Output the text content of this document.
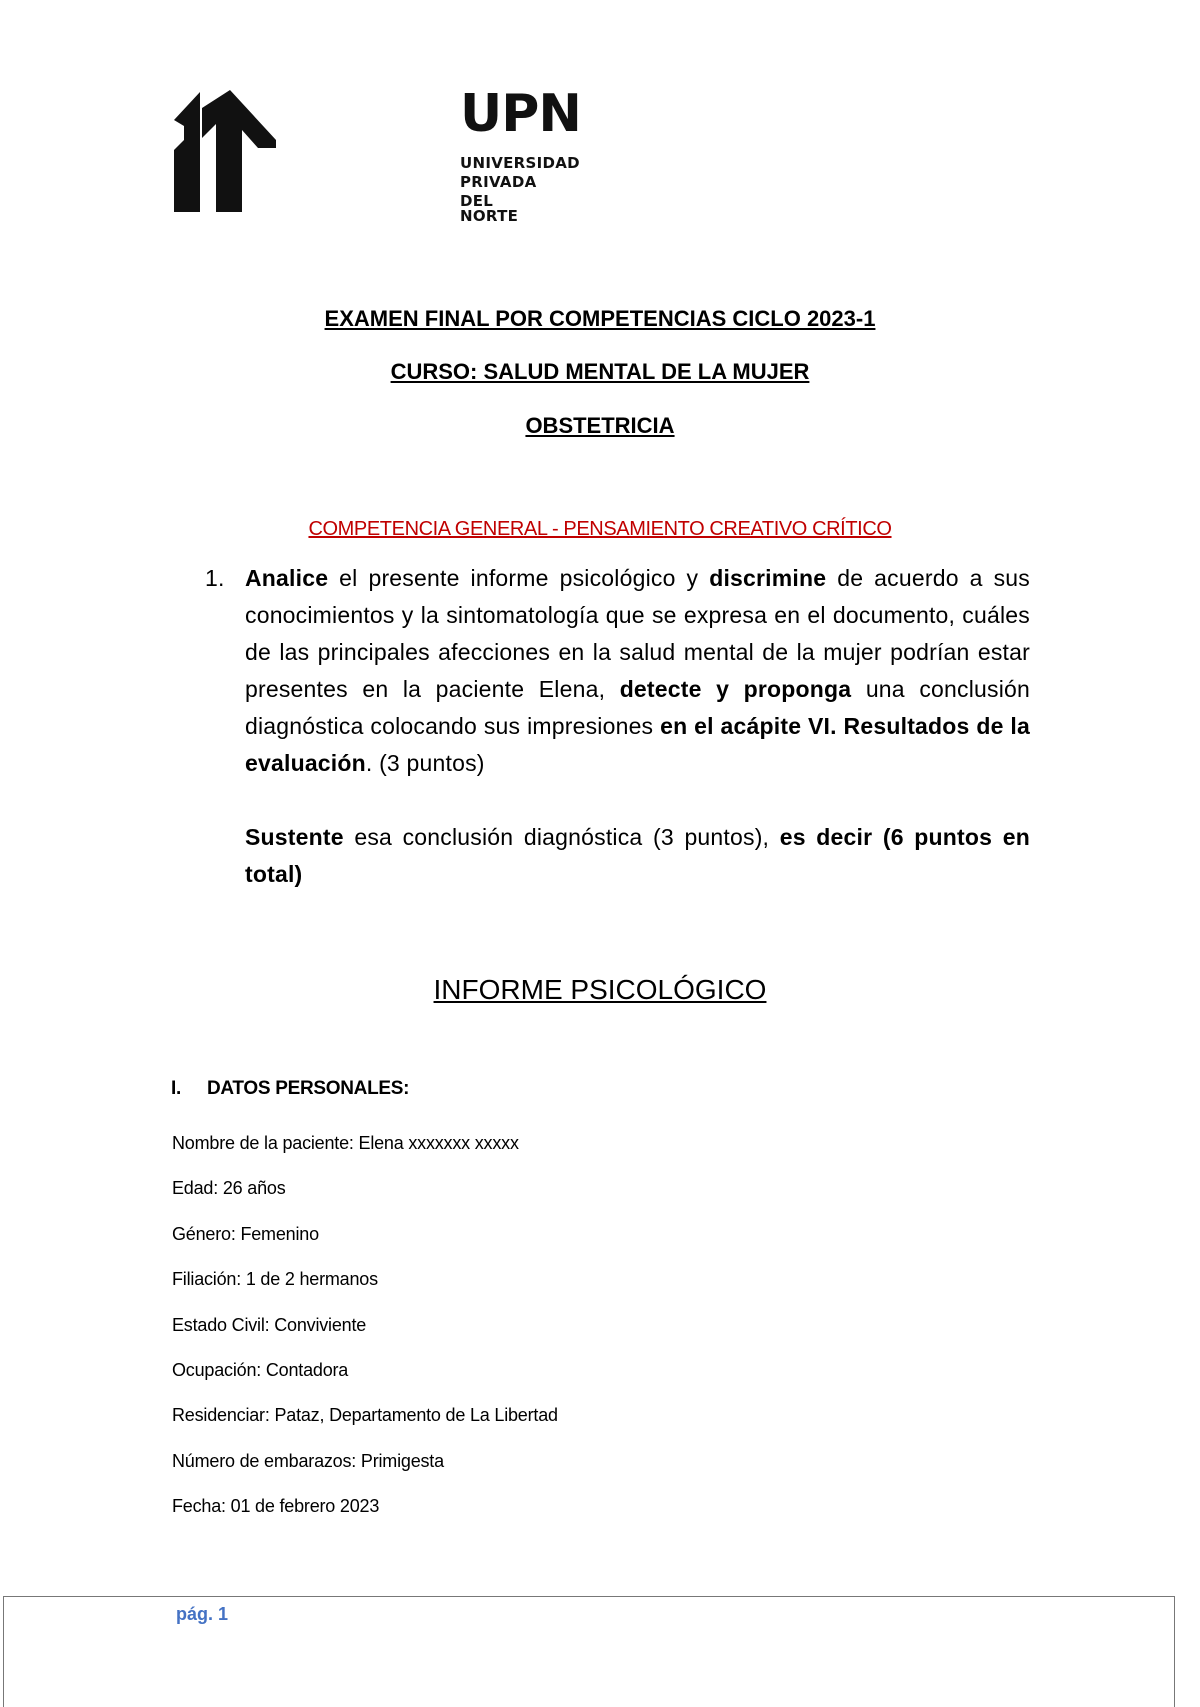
UPN
UNIVERSIDAD
PRIVADA
DEL NORTE
EXAMEN FINAL POR COMPETENCIAS CICLO 2023-1
CURSO: SALUD MENTAL DE LA MUJER
OBSTETRICIA
COMPETENCIA GENERAL - PENSAMIENTO CREATIVO CRÍTICO
1. Analice el presente informe psicológico y discrimine de acuerdo a sus conocimientos y la sintomatología que se expresa en el documento, cuáles de las principales afecciones en la salud mental de la mujer podrían estar presentes en la paciente Elena, detecte y proponga una conclusión diagnóstica colocando sus impresiones en el acápite VI. Resultados de la evaluación. (3 puntos)

Sustente esa conclusión diagnóstica (3 puntos), es decir (6 puntos en total)

INFORME PSICOLÓGICO
I. DATOS PERSONALES:
Nombre de la paciente: Elena xxxxxxx xxxxx
Edad: 26 años
Género: Femenino
Filiación: 1 de 2 hermanos
Estado Civil: Conviviente
Ocupación: Contadora
Residenciar: Pataz, Departamento de La Libertad
Número de embarazos: Primigesta
Fecha: 01 de febrero 2023
pág. 1
